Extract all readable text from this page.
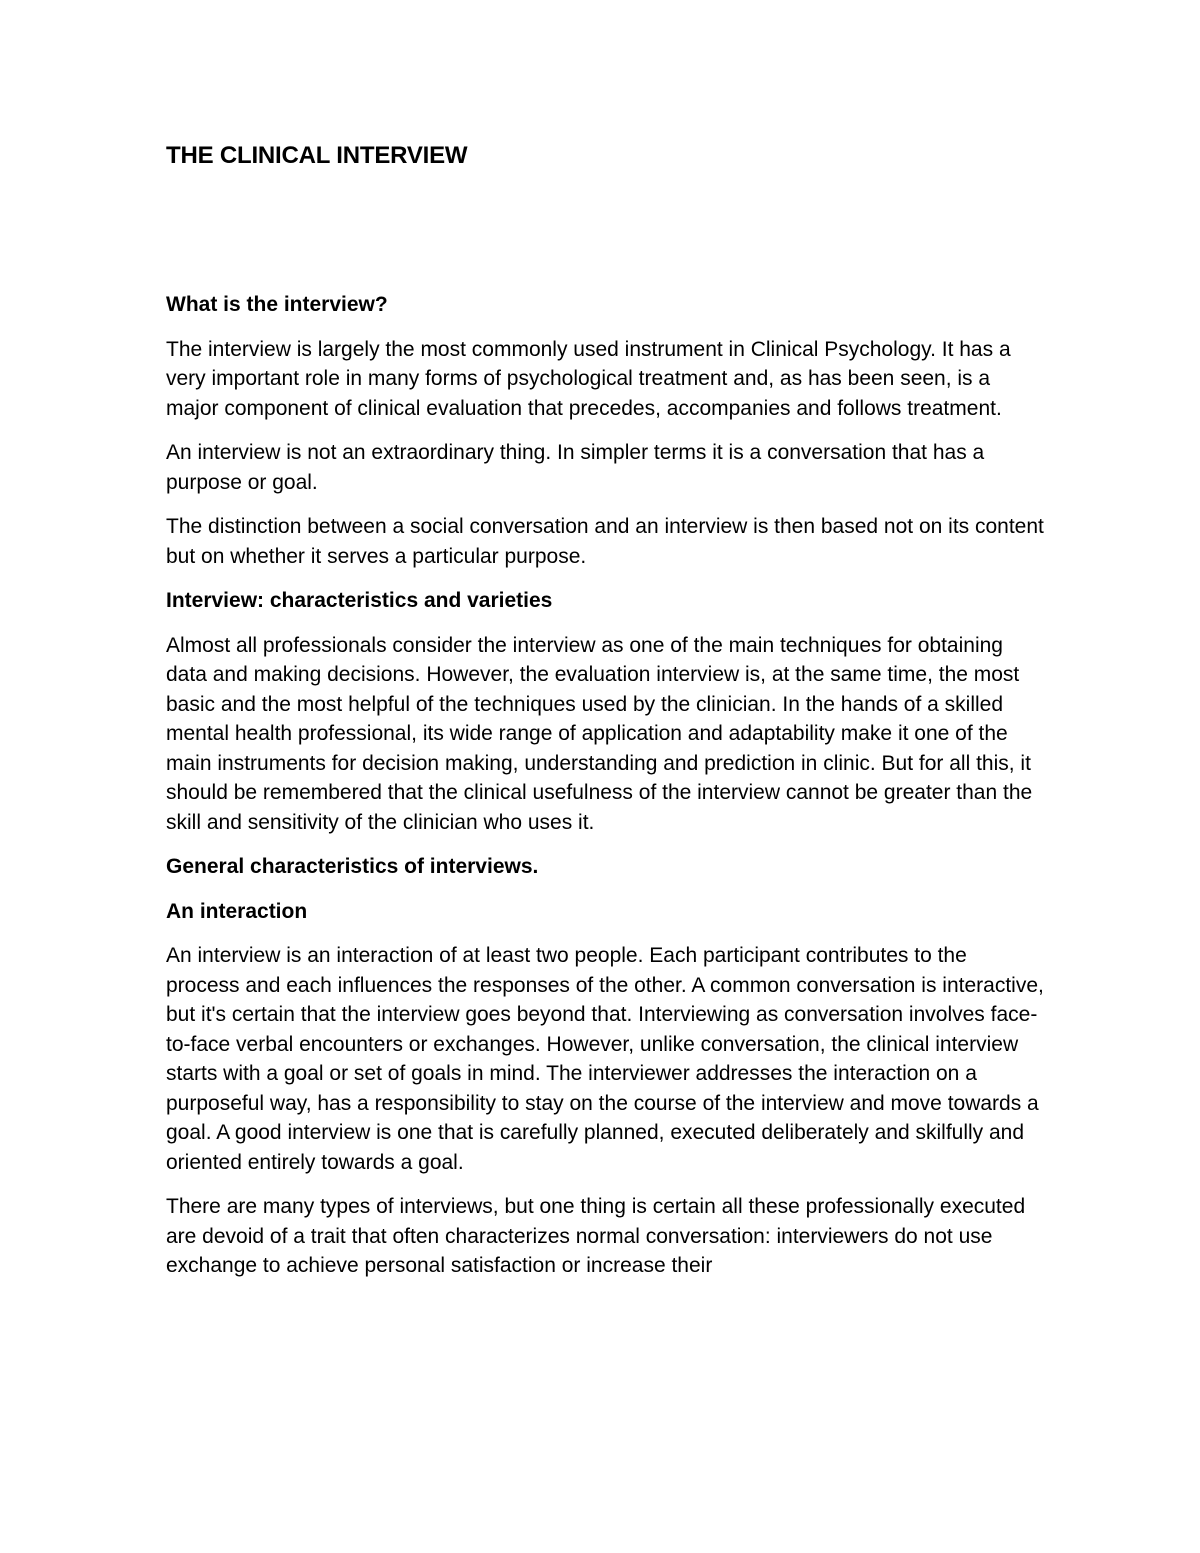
THE CLINICAL INTERVIEW
What is the interview?

The interview is largely the most commonly used instrument in Clinical Psychology. It has a very important role in many forms of psychological treatment and, as has been seen, is a major component of clinical evaluation that precedes, accompanies and follows treatment.

An interview is not an extraordinary thing. In simpler terms it is a conversation that has a purpose or goal.

The distinction between a social conversation and an interview is then based not on its content but on whether it serves a particular purpose.

Interview: characteristics and varieties

Almost all professionals consider the interview as one of the main techniques for obtaining data and making decisions. However, the evaluation interview is, at the same time, the most basic and the most helpful of the techniques used by the clinician. In the hands of a skilled mental health professional, its wide range of application and adaptability make it one of the main instruments for decision making, understanding and prediction in clinic. But for all this, it should be remembered that the clinical usefulness of the interview cannot be greater than the skill and sensitivity of the clinician who uses it.

General characteristics of interviews.
An interaction

An interview is an interaction of at least two people. Each participant contributes to the process and each influences the responses of the other. A common conversation is interactive, but it's certain that the interview goes beyond that. Interviewing as conversation involves face-to-face verbal encounters or exchanges. However, unlike conversation, the clinical interview starts with a goal or set of goals in mind. The interviewer addresses the interaction on a purposeful way, has a responsibility to stay on the course of the interview and move towards a goal. A good interview is one that is carefully planned, executed deliberately and skilfully and oriented entirely towards a goal.

There are many types of interviews, but one thing is certain all these professionally executed are devoid of a trait that often characterizes normal conversation: interviewers do not use exchange to achieve personal satisfaction or increase their
